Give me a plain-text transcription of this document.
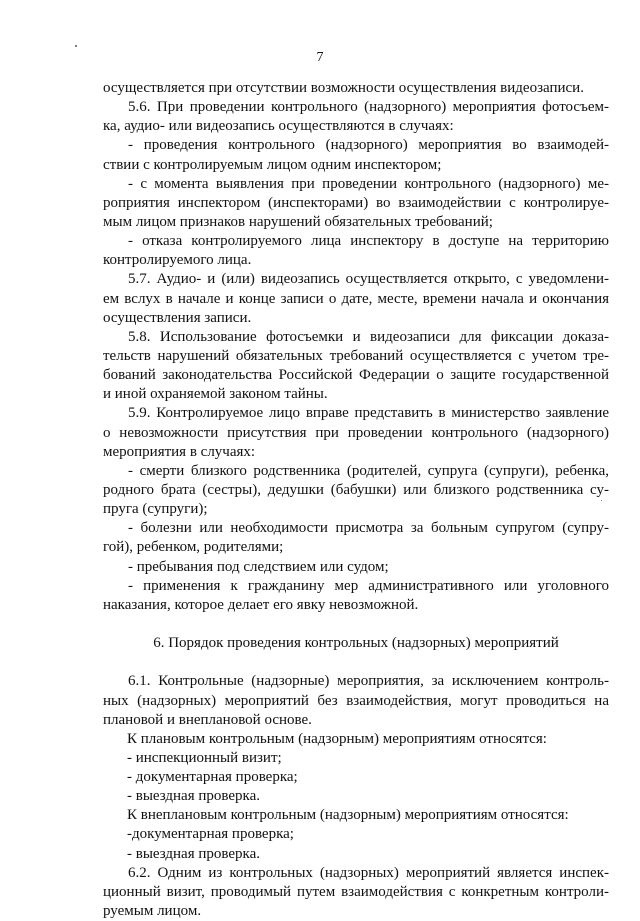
7
осуществляется при отсутствии возможности осуществления видеозаписи.
5.6. При проведении контрольного (надзорного) мероприятия фотосъем-
ка, аудио- или видеозапись осуществляются в случаях:
- проведения контрольного (надзорного) мероприятия во взаимодей-
ствии с контролируемым лицом одним инспектором;
- с момента выявления при проведении контрольного (надзорного) ме-
роприятия инспектором (инспекторами) во взаимодействии с контролируе-
мым лицом признаков нарушений обязательных требований;
- отказа контролируемого лица инспектору в доступе на территорию
контролируемого лица.
5.7. Аудио- и (или) видеозапись осуществляется открыто, с уведомлени-
ем вслух в начале и конце записи о дате, месте, времени начала и окончания
осуществления записи.
5.8. Использование фотосъемки и видеозаписи для фиксации доказа-
тельств нарушений обязательных требований осуществляется с учетом тре-
бований законодательства Российской Федерации о защите государственной
и иной охраняемой законом тайны.
5.9. Контролируемое лицо вправе представить в министерство заявление
о невозможности присутствия при проведении контрольного (надзорного)
мероприятия в случаях:
- смерти близкого родственника (родителей, супруга (супруги), ребенка,
родного брата (сестры), дедушки (бабушки) или близкого родственника су-
пруга (супруги);
- болезни или необходимости присмотра за больным супругом (супру-
гой), ребенком, родителями;
- пребывания под следствием или судом;
- применения к гражданину мер административного или уголовного
наказания, которое делает его явку невозможной.
6. Порядок проведения контрольных (надзорных) мероприятий
6.1. Контрольные (надзорные) мероприятия, за исключением контроль-
ных (надзорных) мероприятий без взаимодействия, могут проводиться на
плановой и внеплановой основе.
К плановым контрольным (надзорным) мероприятиям относятся:
- инспекционный визит;
- документарная проверка;
- выездная проверка.
К внеплановым контрольным (надзорным) мероприятиям относятся:
-документарная проверка;
- выездная проверка.
6.2. Одним из контрольных (надзорных) мероприятий является инспек-
ционный визит, проводимый путем взаимодействия с конкретным контроли-
руемым лицом.
